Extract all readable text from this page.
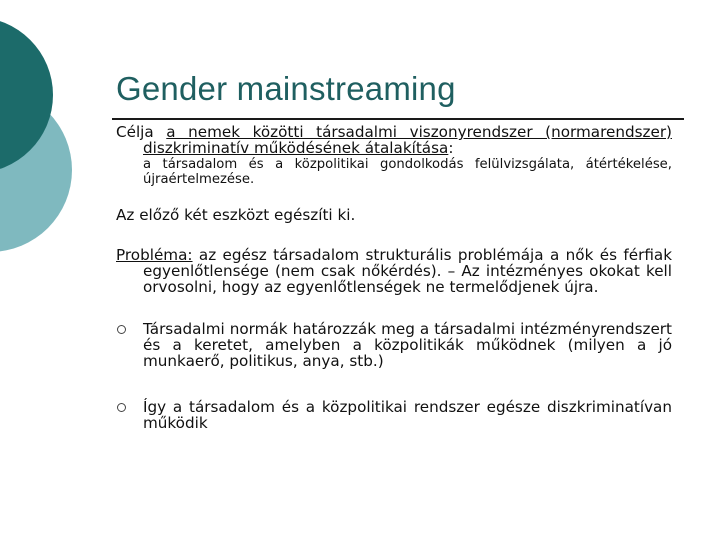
Gender mainstreaming

Célja a nemek közötti társadalmi viszonyrendszer (normarendszer) diszkriminatív működésének átalakítása:

a társadalom és a közpolitikai gondolkodás felülvizsgálata, átértékelése, újraértelmezése.

Az előző két eszközt egészíti ki.

Probléma: az egész társadalom strukturális problémája a nők és férfiak egyenlőtlensége (nem csak nőkérdés). – Az intézményes okokat kell orvosolni, hogy az egyenlőtlenségek ne termelődjenek újra.

Társadalmi normák határozzák meg a társadalmi intézményrendszert és a keretet, amelyben a közpolitikák működnek (milyen a jó munkaerő, politikus, anya, stb.)

Így a társadalom és a közpolitikai rendszer egésze diszkriminatívan működik
